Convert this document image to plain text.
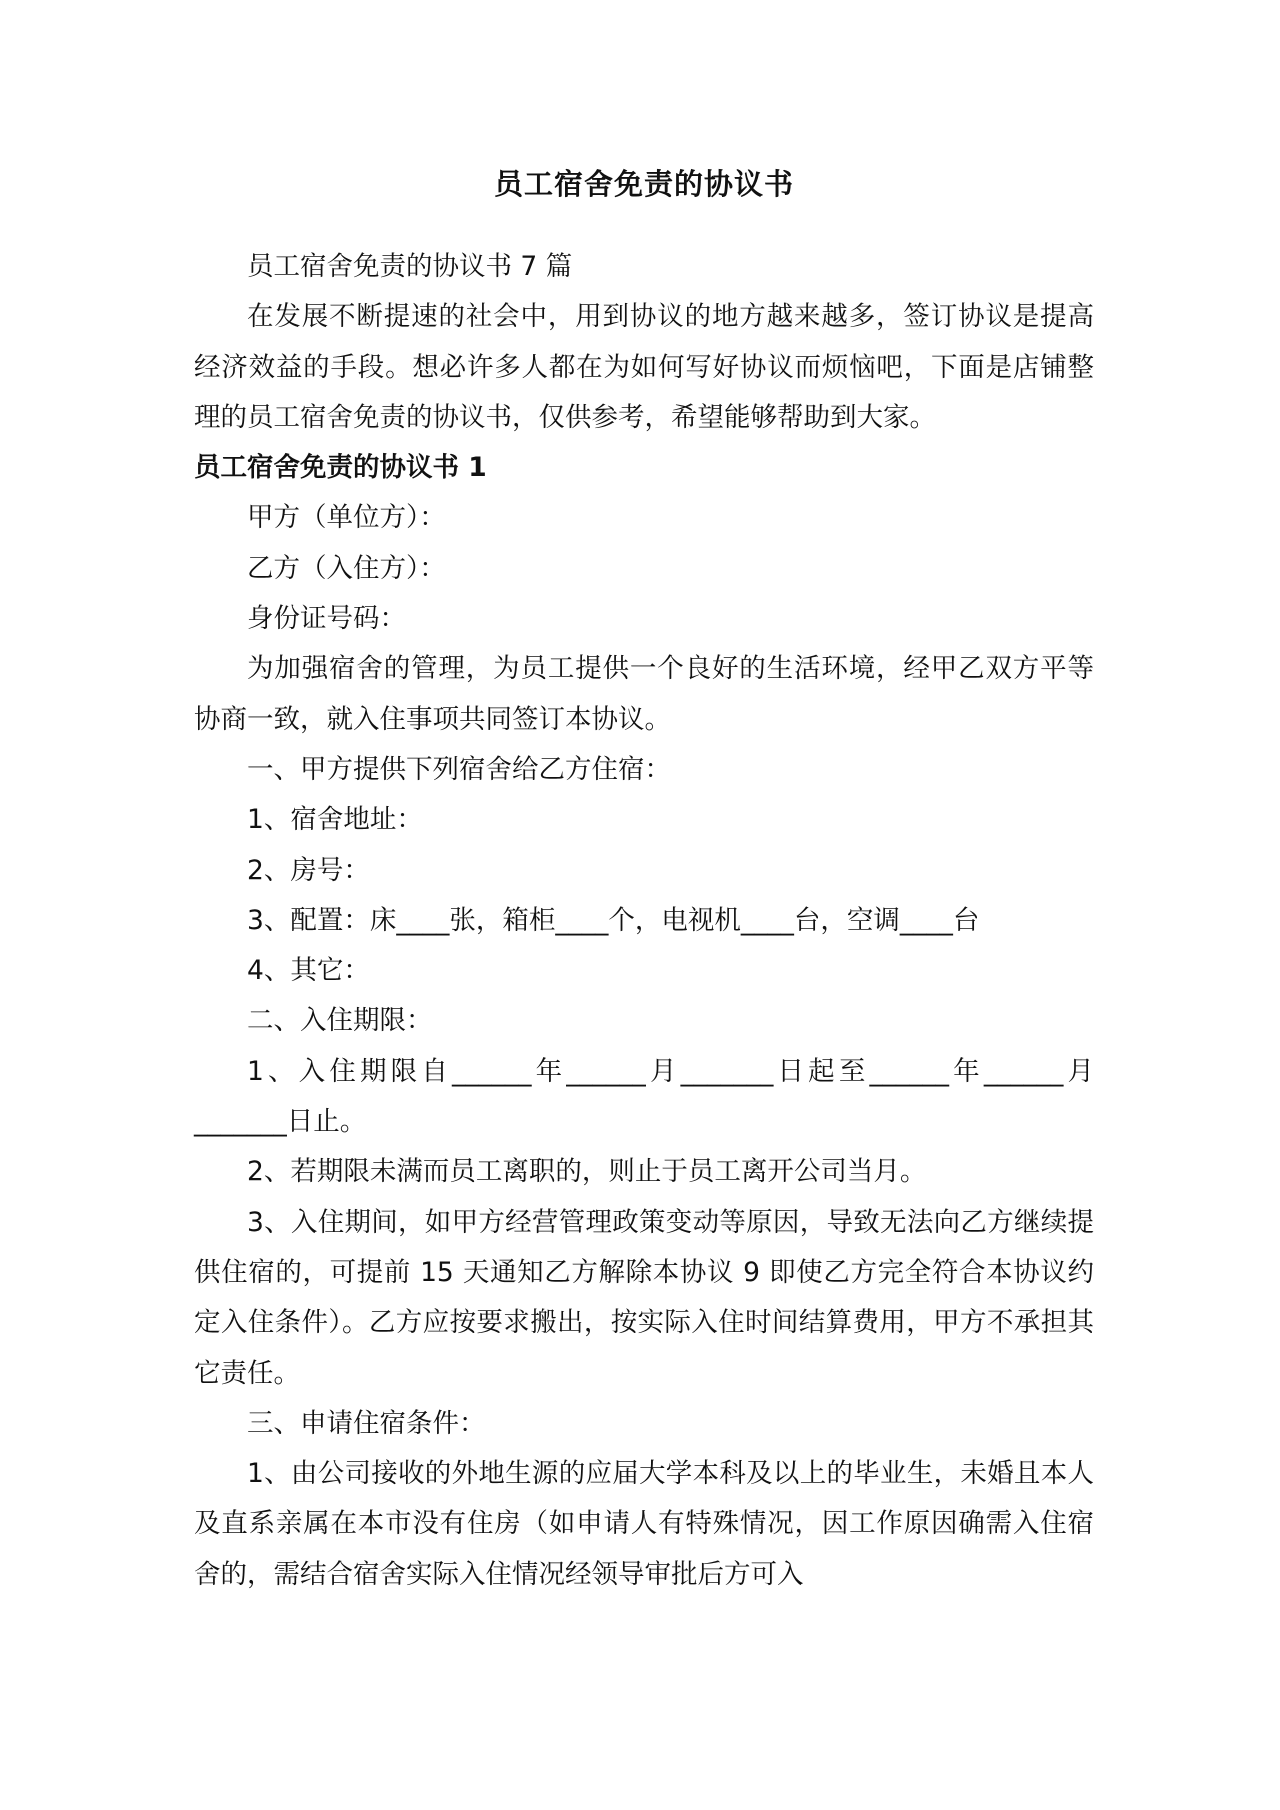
员工宿舍免责的协议书

员工宿舍免责的协议书 7 篇

在发展不断提速的社会中，用到协议的地方越来越多，签订协议是提高经济效益的手段。想必许多人都在为如何写好协议而烦恼吧，下面是店铺整理的员工宿舍免责的协议书，仅供参考，希望能够帮助到大家。

员工宿舍免责的协议书 1

甲方（单位方）：

乙方（入住方）：

身份证号码：

为加强宿舍的管理，为员工提供一个良好的生活环境，经甲乙双方平等协商一致，就入住事项共同签订本协议。

一、甲方提供下列宿舍给乙方住宿：

1、宿舍地址：

2、房号：

3、配置：床____张，箱柜____个，电视机____台，空调____台

4、其它：

二、入住期限：

1、入住期限自______年______月_______日起至______年______月_______日止。

2、若期限未满而员工离职的，则止于员工离开公司当月。

3、入住期间，如甲方经营管理政策变动等原因，导致无法向乙方继续提供住宿的，可提前 15 天通知乙方解除本协议 9 即使乙方完全符合本协议约定入住条件）。乙方应按要求搬出，按实际入住时间结算费用，甲方不承担其它责任。

三、申请住宿条件：

1、由公司接收的外地生源的应届大学本科及以上的毕业生，未婚且本人及直系亲属在本市没有住房（如申请人有特殊情况，因工作原因确需入住宿舍的，需结合宿舍实际入住情况经领导审批后方可入
